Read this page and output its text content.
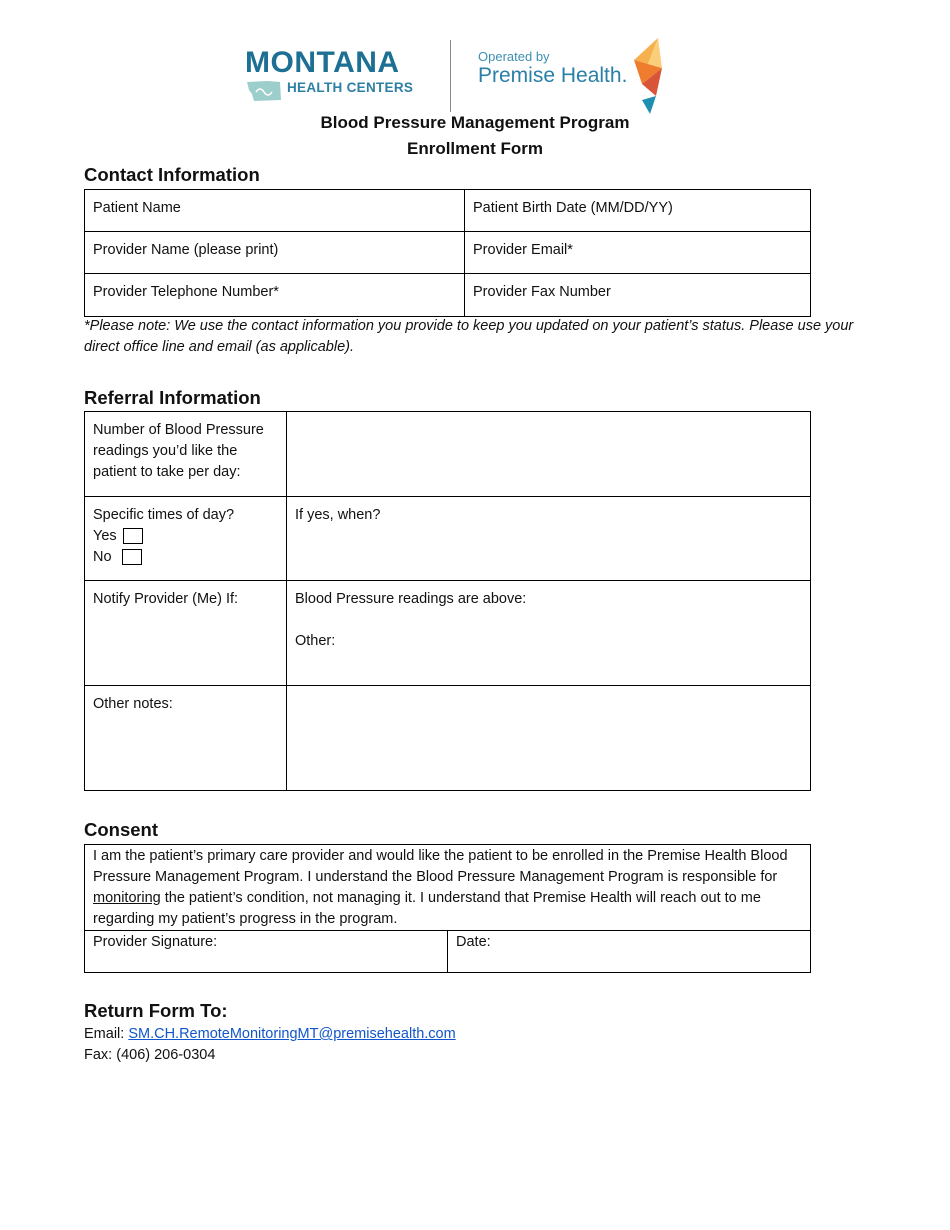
MONTANA
HEALTH CENTERS
Operated by
Premise Health.
Blood Pressure Management Program
Enrollment Form
Contact Information
Patient Name	Patient Birth Date (MM/DD/YY)
Provider Name (please print)	Provider Email*
Provider Telephone Number*	Provider Fax Number
*Please note: We use the contact information you provide to keep you updated on your patient’s status. Please use your direct office line and email (as applicable).
Referral Information
Number of Blood Pressure readings you’d like the patient to take per day:	

Specific times of day?
Yes
No	If yes, when?
Notify Provider (Me) If:	Blood Pressure readings are above:
Other:

Other notes:	
Consent
I am the patient’s primary care provider and would like the patient to be enrolled in the Premise Health Blood Pressure Management Program. I understand the Blood Pressure Management Program is responsible for monitoring the patient’s condition, not managing it. I understand that Premise Health will reach out to me regarding my patient’s progress in the program.
Provider Signature:	Date:
Return Form To:
Email: SM.CH.RemoteMonitoringMT@premisehealth.com
Fax: (406) 206-0304
